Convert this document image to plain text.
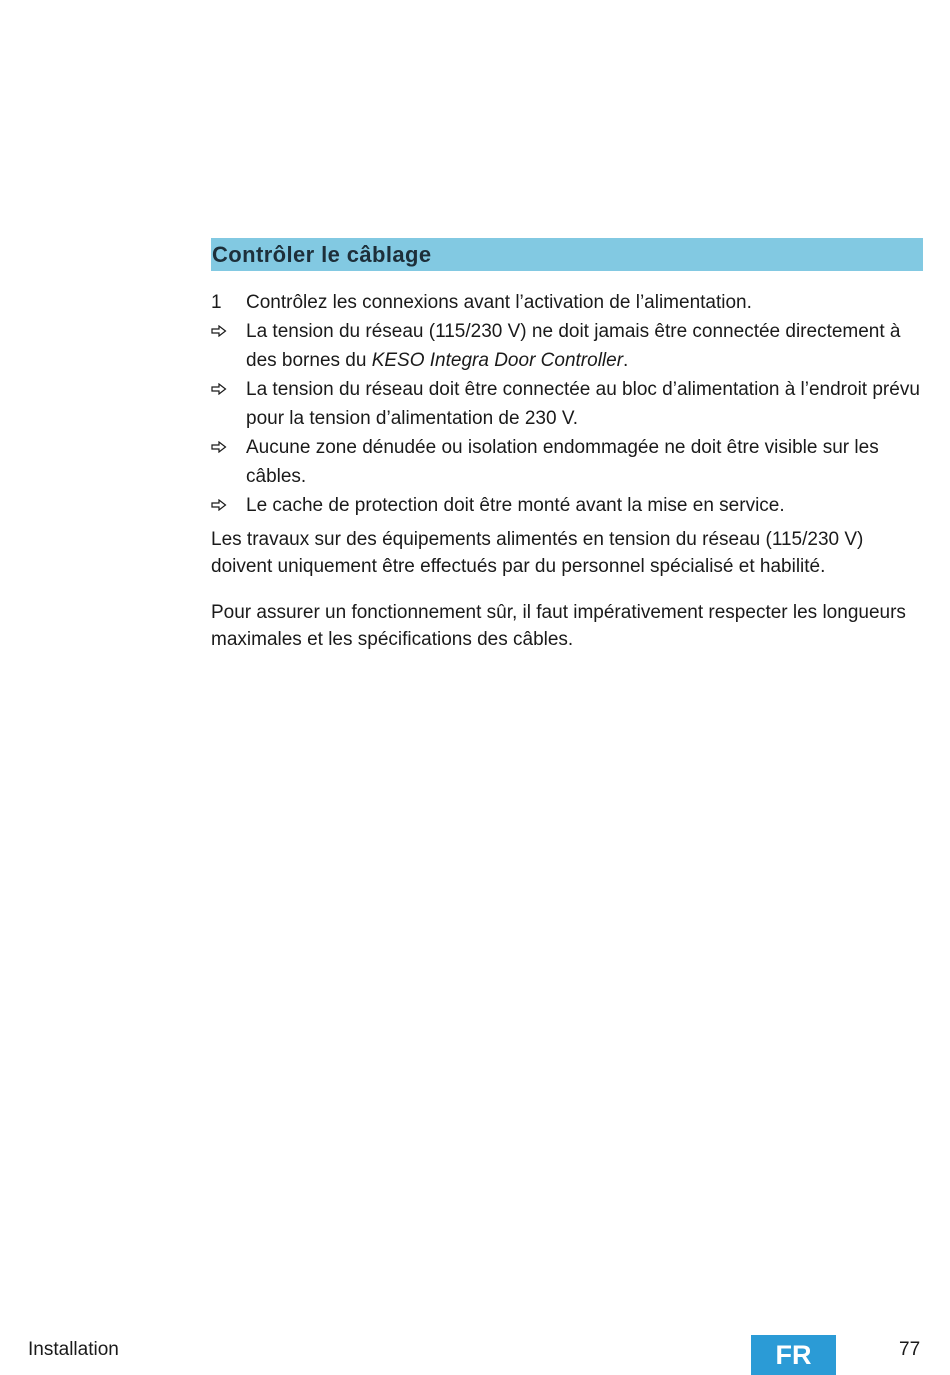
Contrôler le câblage
1	Contrôlez les connexions avant l’activation de l’alimentation.
La tension du réseau (115/230 V) ne doit jamais être connectée directement à des bornes du KESO Integra Door Controller.
La tension du réseau doit être connectée au bloc d’alimentation à l’endroit prévu pour la tension d’alimentation de 230 V.
Aucune zone dénudée ou isolation endommagée ne doit être visible sur les câbles.
Le cache de protection doit être monté avant la mise en service.

Les travaux sur des équipements alimentés en tension du réseau (115/230 V) doivent uniquement être effectués par du personnel spécialisé et habilité.

Pour assurer un fonctionnement sûr, il faut impérativement respecter les longueurs maximales et les spécifications des câbles.

Installation	FR	77
